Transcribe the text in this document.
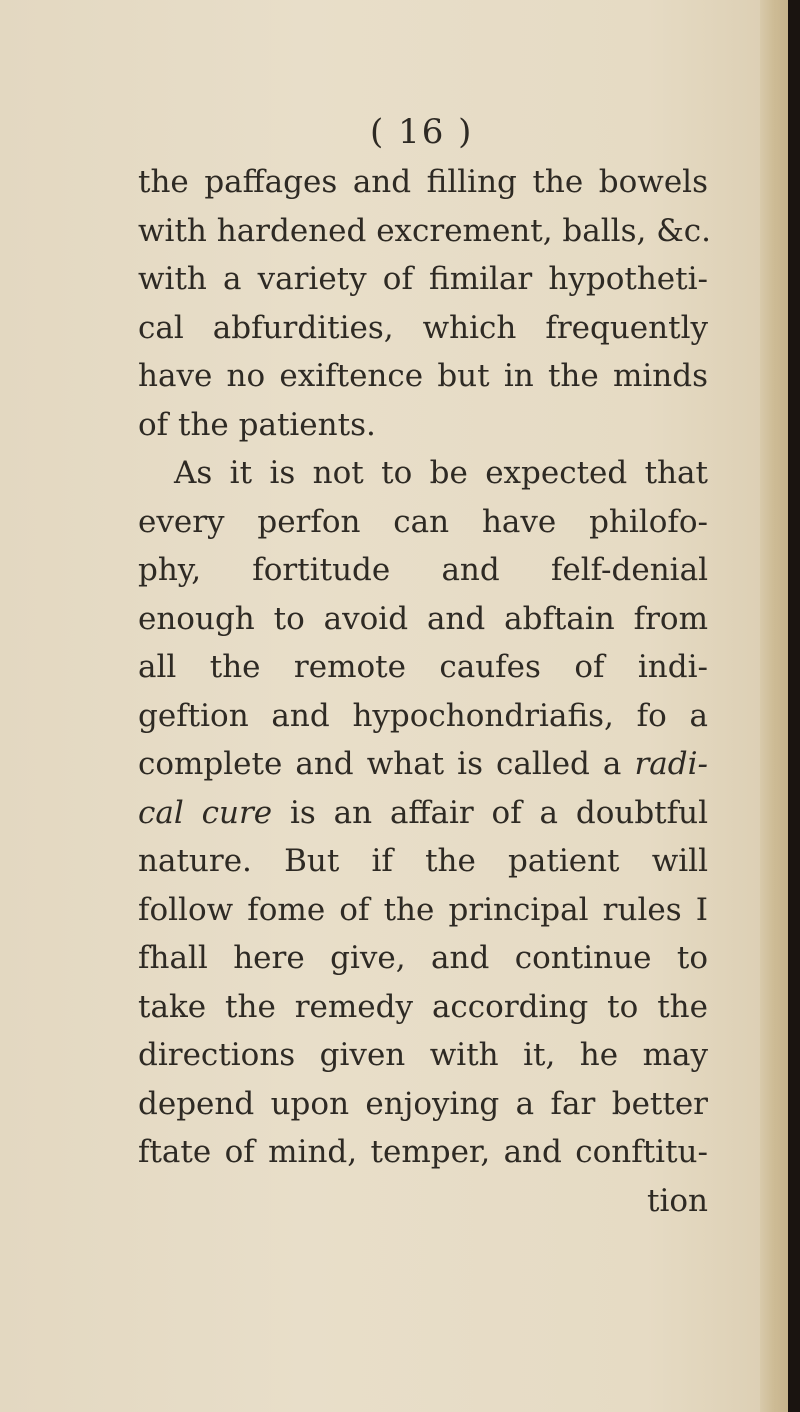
( 16 )
the paffages and filling the bowels
with hardened excrement, balls, &c.
with a variety of fimilar hypotheti-
cal abfurdities, which frequently
have no exiftence but in the minds
of the patients.
As it is not to be expected that
every perfon can have philofo-
phy, fortitude and felf-denial
enough to avoid and abftain from
all the remote caufes of indi-
geftion and hypochondriafis, fo a
complete and what is called a radi-
cal cure is an affair of a doubtful
nature. But if the patient will
follow fome of the principal rules I
fhall here give, and continue to
take the remedy according to the
directions given with it, he may
depend upon enjoying a far better
ftate of mind, temper, and conftitu-
tion
